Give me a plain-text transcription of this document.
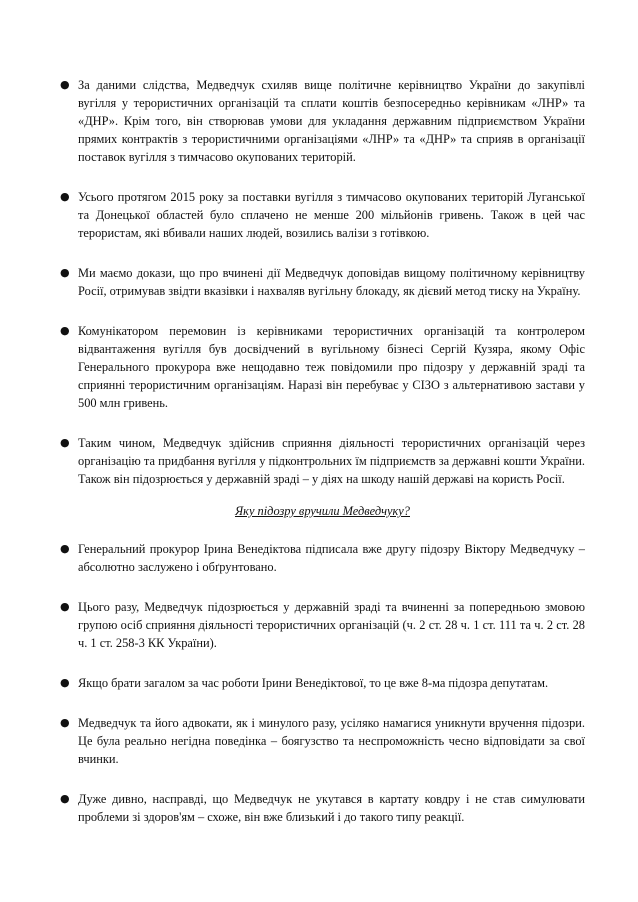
● За даними слідства, Медведчук схиляв вище політичне керівництво України до закупівлі вугілля у терористичних організацій та сплати коштів безпосередньо керівникам «ЛНР» та «ДНР». Крім того, він створював умови для укладання державним підприємством України прямих контрактів з терористичними організаціями «ЛНР» та «ДНР» та сприяв в організації поставок вугілля з тимчасово окупованих територій.
● Усього протягом 2015 року за поставки вугілля з тимчасово окупованих територій Луганської та Донецької областей було сплачено не менше 200 мільйонів гривень. Також в цей час терористам, які вбивали наших людей, возились валізи з готівкою.
● Ми маємо докази, що про вчинені дії Медведчук доповідав вищому політичному керівництву Росії, отримував звідти вказівки і нахваляв вугільну блокаду, як дієвий метод тиску на Україну.
● Комунікатором перемовин із керівниками терористичних організацій та контролером відвантаження вугілля був досвідчений в вугільному бізнесі Сергій Кузяра, якому Офіс Генерального прокурора вже нещодавно теж повідомили про підозру у державній зраді та сприянні терористичним організаціям. Наразі він перебуває у СІЗО з альтернативою застави у 500 млн гривень.
● Таким чином, Медведчук здійснив сприяння діяльності терористичних організацій через організацію та придбання вугілля у підконтрольних їм підприємств за державні кошти України. Також він підозрюється у державній зраді – у діях на шкоду нашій державі на користь Росії.
Яку підозру вручили Медведчуку?
● Генеральний прокурор Ірина Венедіктова підписала вже другу підозру Віктору Медведчуку – абсолютно заслужено і обґрунтовано.
● Цього разу, Медведчук підозрюється у державній зраді та вчиненні за попередньою змовою групою осіб сприяння діяльності терористичних організацій (ч. 2 ст. 28 ч. 1 ст. 111 та ч. 2 ст. 28 ч. 1 ст. 258-3 КК України).
● Якщо брати загалом за час роботи Ірини Венедіктової, то це вже 8-ма підозра депутатам.
● Медведчук та його адвокати, як і минулого разу, усіляко намагися уникнути вручення підозри. Це була реально негідна поведінка – боягузство та неспроможність чесно відповідати за свої вчинки.
● Дуже дивно, насправді, що Медведчук не укутався в картату ковдру і не став симулювати проблеми зі здоров'ям – схоже, він вже близький і до такого типу реакції.
